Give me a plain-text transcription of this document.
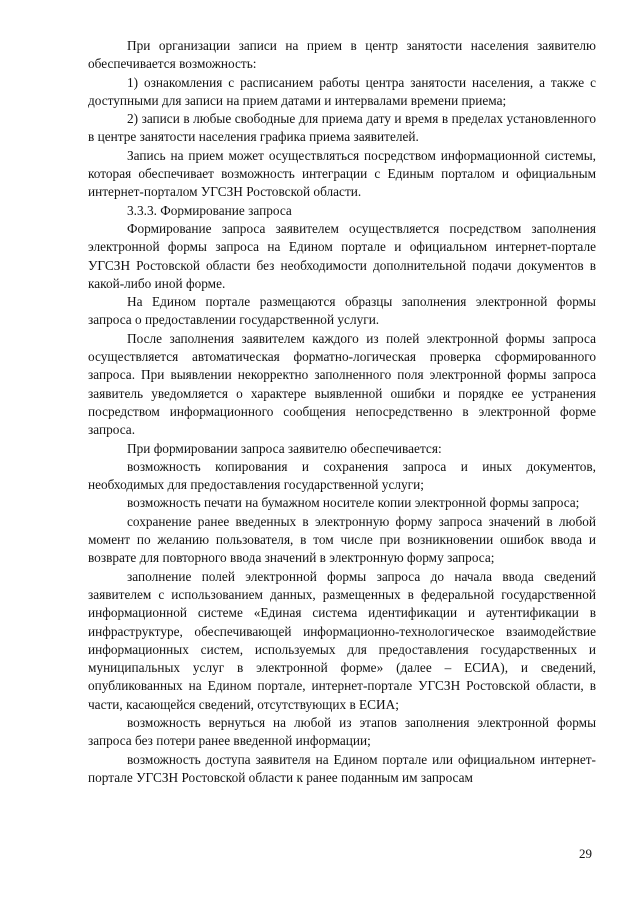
При организации записи на прием в центр занятости населения заявителю обеспечивается возможность:

1) ознакомления с расписанием работы центра занятости населения, а также с доступными для записи на прием датами и интервалами времени приема;

2) записи в любые свободные для приема дату и время в пределах установленного в центре занятости населения графика приема заявителей.

Запись на прием может осуществляться посредством информационной системы, которая обеспечивает возможность интеграции с Единым порталом и официальным интернет-порталом УГСЗН Ростовской области.

3.3.3. Формирование запроса

Формирование запроса заявителем осуществляется посредством заполнения электронной формы запроса на Едином портале и официальном интернет-портале УГСЗН Ростовской области без необходимости дополнительной подачи документов в какой-либо иной форме.

На Едином портале размещаются образцы заполнения электронной формы запроса о предоставлении государственной услуги.

После заполнения заявителем каждого из полей электронной формы запроса осуществляется автоматическая форматно-логическая проверка сформированного запроса. При выявлении некорректно заполненного поля электронной формы запроса заявитель уведомляется о характере выявленной ошибки и порядке ее устранения посредством информационного сообщения непосредственно в электронной форме запроса.

При формировании запроса заявителю обеспечивается:

возможность копирования и сохранения запроса и иных документов, необходимых для предоставления государственной услуги;

возможность печати на бумажном носителе копии электронной формы запроса;

сохранение ранее введенных в электронную форму запроса значений в любой момент по желанию пользователя, в том числе при возникновении ошибок ввода и возврате для повторного ввода значений в электронную форму запроса;

заполнение полей электронной формы запроса до начала ввода сведений заявителем с использованием данных, размещенных в федеральной государственной информационной системе «Единая система идентификации и аутентификации в инфраструктуре, обеспечивающей информационно-технологическое взаимодействие информационных систем, используемых для предоставления государственных и муниципальных услуг в электронной форме» (далее – ЕСИА), и сведений, опубликованных на Едином портале, интернет-портале УГСЗН Ростовской области, в части, касающейся сведений, отсутствующих в ЕСИА;

возможность вернуться на любой из этапов заполнения электронной формы запроса без потери ранее введенной информации;

возможность доступа заявителя на Едином портале или официальном интернет-портале УГСЗН Ростовской области к ранее поданным им запросам

29
